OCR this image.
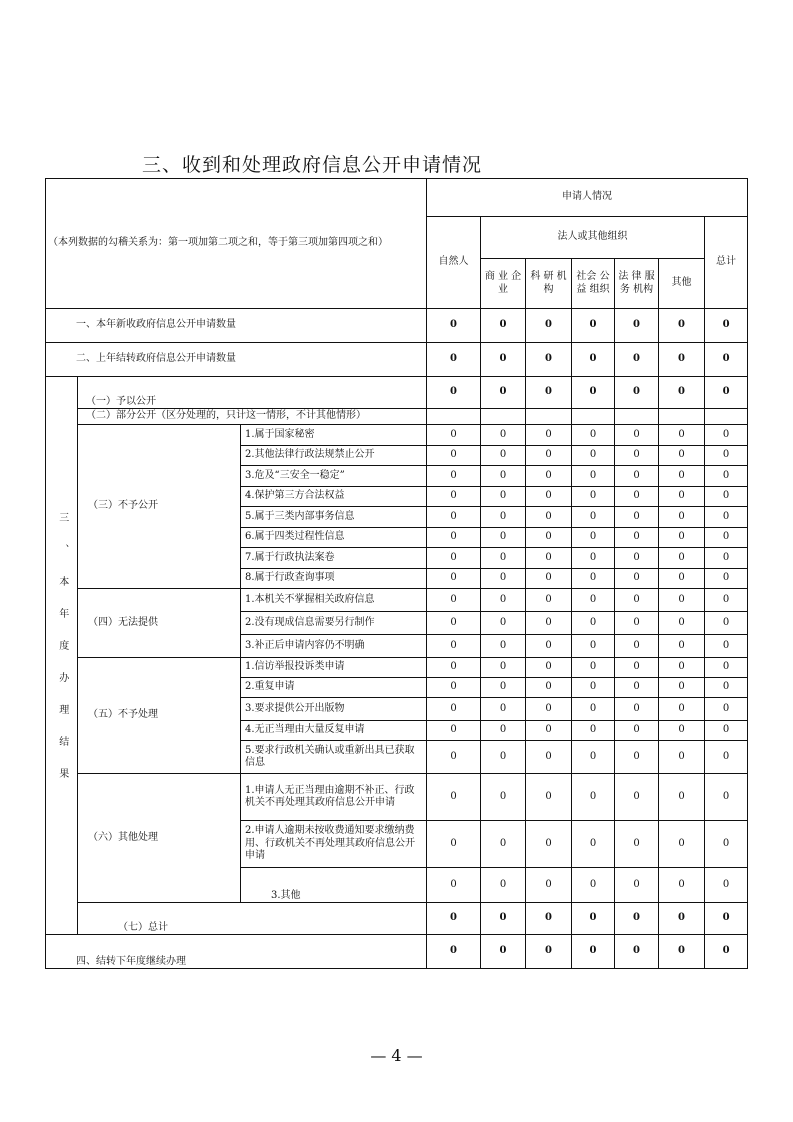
三、收到和处理政府信息公开申请情况
（本列数据的勾稽关系为：第一项加第二项之和，等于第三项加第四项之和）			申请人情况						
			自然人	法人或其他组织					总计
				商 业 企业	科 研 机构	社会 公益 组织	法 律 服 务 机构	其他	
一、本年新收政府信息公开申请数量			0	0	0	0	0	0	0
二、上年结转政府信息公开申请数量			0	0	0	0	0	0	0
三、本年度办理结果	（一）予以公开		0	0	0	0	0	0	0
	（二）部分公开（区分处理的，只计这一情形，不计其他情形）								
	（三）不予公开	1.属于国家秘密	0	0	0	0	0	0	0
		2.其他法律行政法规禁止公开	0	0	0	0	0	0	0
		3.危及“三安全一稳定”	0	0	0	0	0	0	0
		4.保护第三方合法权益	0	0	0	0	0	0	0
		5.属于三类内部事务信息	0	0	0	0	0	0	0
		6.属于四类过程性信息	0	0	0	0	0	0	0
		7.属于行政执法案卷	0	0	0	0	0	0	0
		8.属于行政查询事项	0	0	0	0	0	0	0
	（四）无法提供	1.本机关不掌握相关政府信息	0	0	0	0	0	0	0
		2.没有现成信息需要另行制作	0	0	0	0	0	0	0
		3.补正后申请内容仍不明确	0	0	0	0	0	0	0
	（五）不予处理	1.信访举报投诉类申请	0	0	0	0	0	0	0
		2.重复申请	0	0	0	0	0	0	0
		3.要求提供公开出版物	0	0	0	0	0	0	0
		4.无正当理由大量反复申请	0	0	0	0	0	0	0
		5.要求行政机关确认或重新出具已获取信息	0	0	0	0	0	0	0
	（六）其他处理	1.申请人无正当理由逾期不补正、行政机关不再处理其政府信息公开申请	0	0	0	0	0	0	0
		2.申请人逾期未按收费通知要求缴纳费用、行政机关不再处理其政府信息公开申请	0	0	0	0	0	0	0
		3.其他	0	0	0	0	0	0	0
	（七）总计		0	0	0	0	0	0	0
四、结转下年度继续办理			0	0	0	0	0	0	0
— 4 —
